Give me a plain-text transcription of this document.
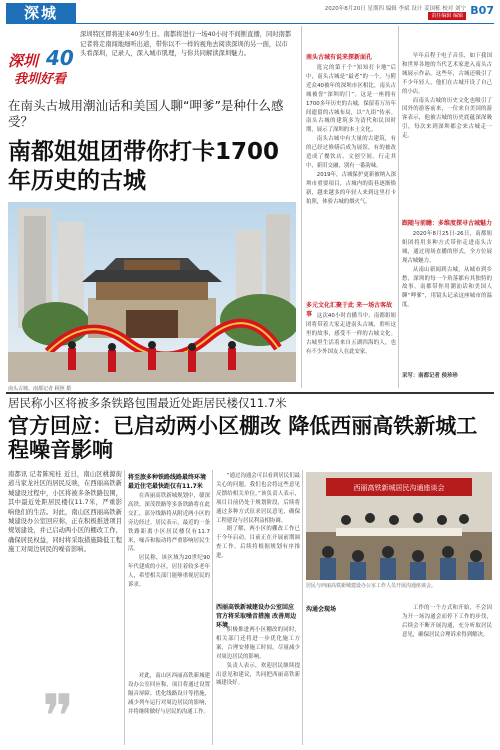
深城	2020年8月20日 星期四 编辑 李斌 设计 姜国栎 校对 刘宁
责任编辑 编辑 B07
深圳 40
我圳好看
深圳特区即将迎来40岁生日。南都将进行一场40小时不间断直播，同时南都记者将走南闯地细听出道，带你以不一样的视角去阅读深圳的另一面，以市头看深圳，记录人，深入城市肌理，与你共同解读深圳魅力。
在南头古城用潮汕话和美国人聊“呷爹”是种什么感受？
南都姐姐团带你打卡1700年历史的古城
南头古城。南都记者 顾照 摄
南头古城有说来探新面孔

逛完的第千个“知知打卡地”后中，南头古城是“最老”的一个。与附近众40被年的深圳市区相比，南头古城被誉“深圳的门”。这是一座拥有1700多年历史的古城，保留着万历年间遗留的古城布局，以“九街”传承。南头古城的建筑多为清代和民国时期，展示了深圳的本土文化。

南头古城中有大量的古建筑，有的已经过修缮后成为展馆，有的被改造成了餐饮店、文创空间。行走其中，新旧交融，别有一番韵味。

2019年，古城保护更新被纳入深圳市重要项目，古城内的街巷逐渐焕新，越来越多的年轻人来到这里打卡拍照，体验古城的烟火气。

多元文化汇聚于此 来一场古客故事 这次40小时直播当中，南都姐姐团将带着大家走进南头古城，聆听这里的故事，感受不一样的古城文化。古城里生活着来自五湖四海的人，也有不少外国友人在此安家。

早年启程于电子音乐，如下我国和世界各地的当代艺术家进入南头古城展示作品。这些年，古城还吸引了不少年轻人，他们在古城开设了自己的小店。

而南头古城的历史文化也吸引了国外的游客前来，一位来自美国的游客表示，他被古城的历史底蕴深深吸引，每次来到深圳都会来古城走一走。

跟随与前瞻：多维度探寻古城魅力

2020年8月25日-26日，南都姐姐团将用多种方式带你走进南头古城，通过现场直播的形式，全方位展现古城魅力。

从南山新闻到古城，从城市到乡愁，深圳的每一个角落都有其独特的故事。南都带你用潮汕话和美国人聊“呷爹”，用镜头记录这座城市的温度。

采写：南都记者 侯珍珍
居民称小区将被多条铁路包围最近处距居民楼仅11.7米
官方回应：已启动两小区棚改 降低西丽高铁新城工程噪音影响
南都讯 记者陈宛桂 近日，南山区桃源街道马家龙社区的居民反映，在西丽高铁新城建设过程中，小区将被多条铁路包围，其中最近处距居民楼仅11.7米，严重影响他们的生活。对此，南山区西丽高铁新城建设办公室回应称，正在积极推进项目规划建设，并已启动两小区的棚改工作，确保居民权益，同时将采取措施降低工程施工对周边居民的噪音影响。
❞
将至旅多种铁路线路最终环境 最近住宅最快距仅有11.7米

在西丽高铁新城规划中，赣深高铁、深茂铁路等多条铁路将在此交汇，部分线路将从附近两小区的旁边经过。居民表示，最近的一条铁路距离小区居民楼仅有11.7米，噪音和振动将严重影响居民生活。

居民称，该区域为20世纪90年代建成的小区，居住着较多老年人，希望相关部门能够重视居民的诉求。

西丽高铁新城建设办公室回应 官方将采取噪音措施 改善周边环境

对此，南山区西丽高铁新城建设办公室回应称，项目将通过设置隔音屏障、优化线路设计等措施，减少列车运行对周边居民的影响，并将继续做好与居民的沟通工作。

“通过沟通会可以看到居民们最关心的问题，我们也会将这些意见反馈给相关单位。”该负责人表示，项目目前仍处于规划阶段，后续将通过多种方式征求居民意见，确保工程建设与居民利益相协调。

据了解，两小区的棚改工作已于今年启动，目前正在开展前期调查工作，后续将根据规划有序推进。

积极推进两小区棚改的同时，相关部门还将进一步优化施工方案，合理安排施工时间，尽量减少对周边居民的影响。

负责人表示，欢迎居民继续提出意见和建议，共同把西丽高铁新城建设好。

西丽高铁新城居民沟通座谈会
居民与西丽高铁新城建设办公室工作人员开展沟通座谈会。
沟通会现场	工作的一个方式和开始，不会因为开一场沟通会而停下工作的步伐，后续会不断开展沟通，充分听取居民意见，确保居民合理诉求得到解决。
